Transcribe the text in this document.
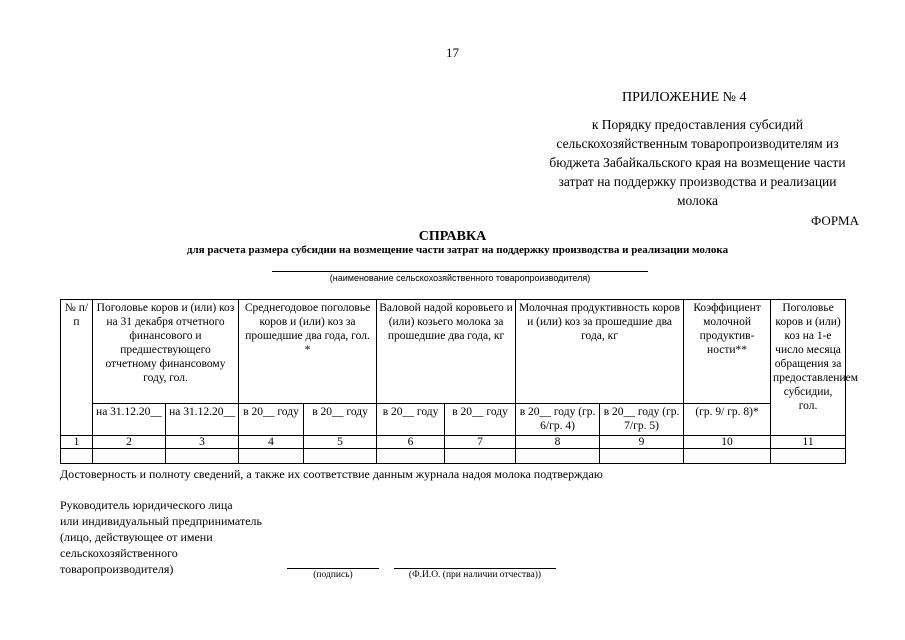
17
ПРИЛОЖЕНИЕ № 4
к Порядку предоставления субсидий
сельскохозяйственным товаропроизводителям из
бюджета Забайкальского края на возмещение части
затрат на поддержку производства и реализации
молока
ФОРМА
СПРАВКА
для расчета размера субсидии на возмещение части затрат на поддержку производства и реализации молока
(наименование сельскохозяйственного товаропроизводителя)
№ п/п	Поголовье коров и (или) коз на 31 декабря отчетного финансового и предшествующего отчетному финансовому году, гол.		Среднегодовое поголовье коров и (или) коз за прошедшие два года, гол. *		Валовой надой коровьего и (или) козьего молока за прошедшие два года, кг		Молочная продуктивность коров и (или) коз за прошедшие два года, кг		Коэффициент молочной продуктив-ности**	Поголовье коров и (или) коз на 1-е число месяца обращения за предоставлением субсидии, гол.
	на 31.12.20__	на 31.12.20__	в 20__ году	в 20__ году	в 20__ году	в 20__ году	в 20__ году (гр. 6/гр. 4)	в 20__ году (гр. 7/гр. 5)	(гр. 9/ гр. 8)*	
1	2	3	4	5	6	7	8	9	10	11

Достоверность и полноту сведений, а также их соответствие данным журнала надоя молока подтверждаю
Руководитель юридического лица
или индивидуальный предприниматель
(лицо, действующее от имени
сельскохозяйственного
товаропроизводителя)	(подпись)	(Ф.И.О. (при наличии отчества))
